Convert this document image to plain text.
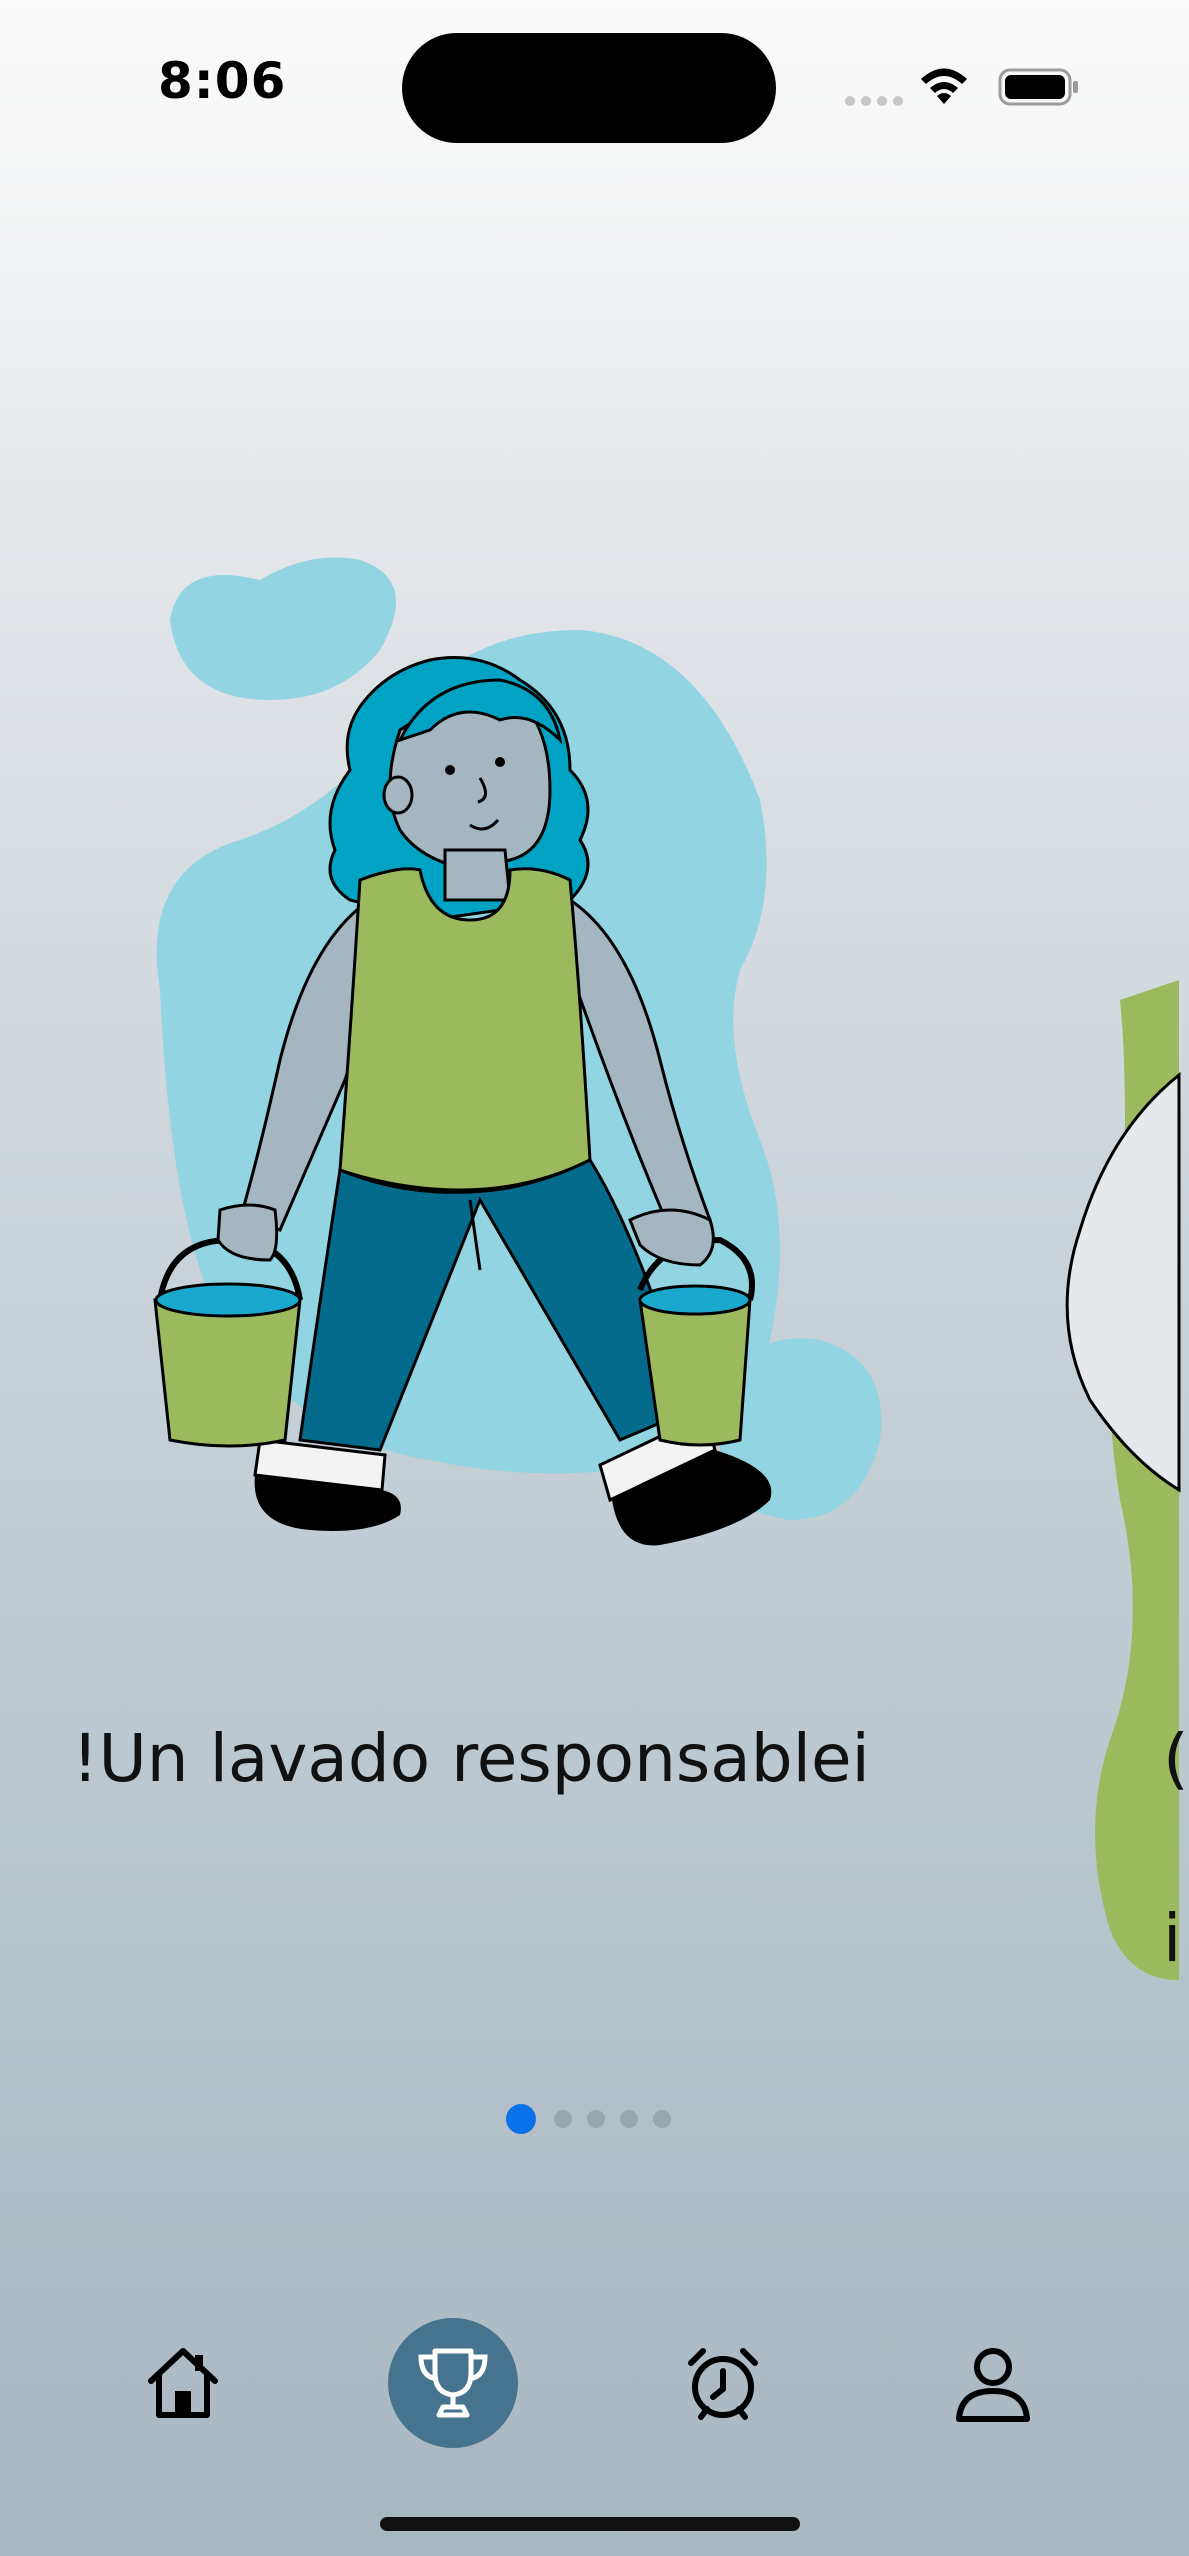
8:06
!Un lavado responsablei	(
i
